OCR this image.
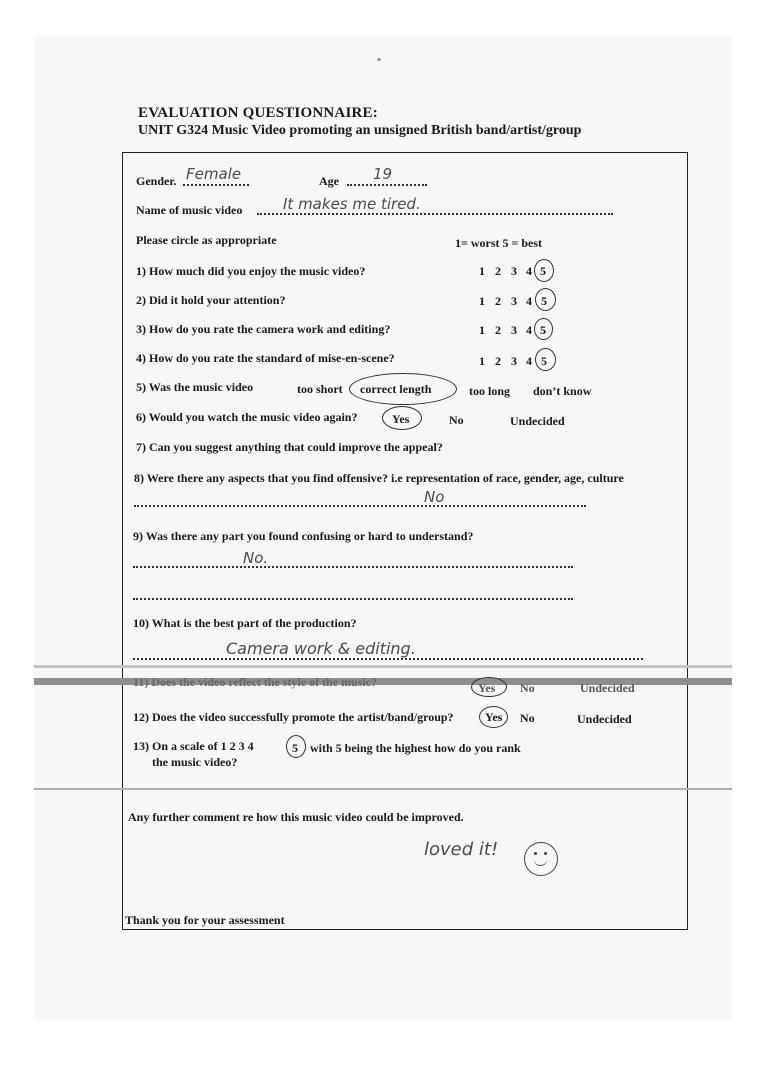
EVALUATION QUESTIONNAIRE:
UNIT G324 Music Video promoting an unsigned British band/artist/group
Gender. Female	Age 19
Name of music video	It makes me tired.
Please circle as appropriate	1= worst 5 = best
1) How much did you enjoy the music video?	1 2 3 4 5
2) Did it hold your attention?	1 2 3 4 5
3) How do you rate the camera work and editing?	1 2 3 4 5
4) How do you rate the standard of mise-en-scene?	1 2 3 4 5
5) Was the music video	too short correct length	too long don’t know
6) Would you watch the music video again?	Yes	No	Undecided
7) Can you suggest anything that could improve the appeal?
8) Were there any aspects that you find offensive? i.e representation of race, gender, age, culture
No
9) Was there any part you found confusing or hard to understand?
No.
10) What is the best part of the production?
Camera work & editing.
11) Does the video reflect the style of the music?	Yes No	Undecided
12) Does the video successfully promote the artist/band/group?	Yes No	Undecided
13) On a scale of 1 2 3 4	5 with 5 being the highest how do you rank
the music video?
Any further comment re how this music video could be improved.
loved it!
Thank you for your assessment
